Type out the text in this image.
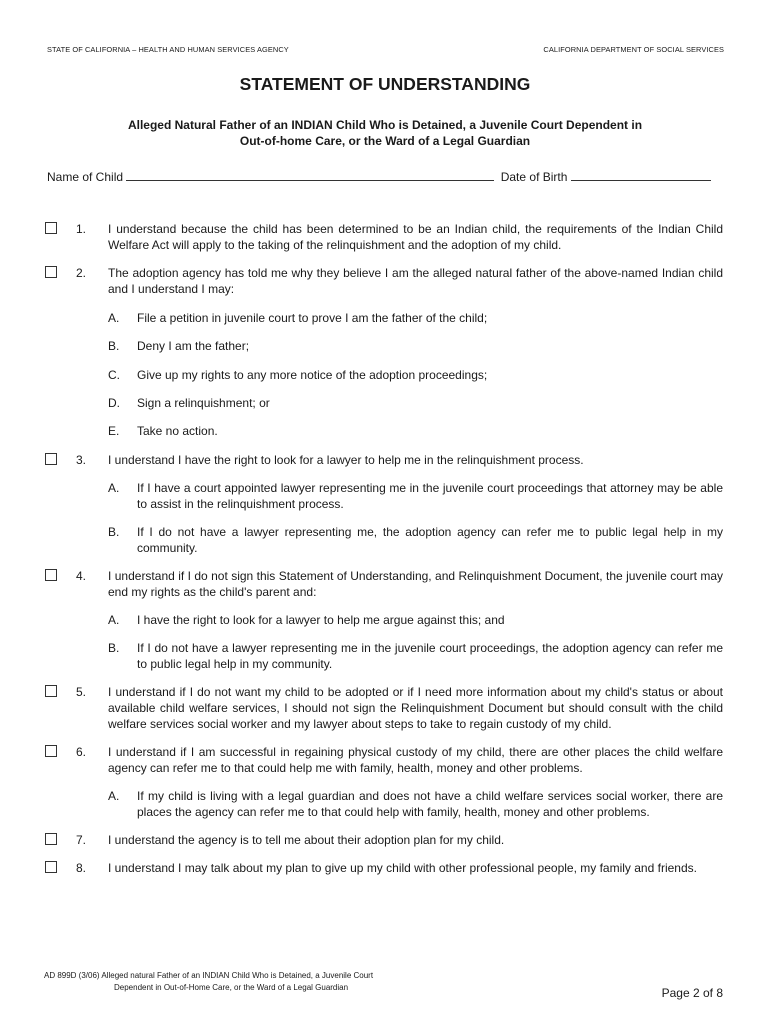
STATE OF CALIFORNIA – HEALTH AND HUMAN SERVICES AGENCY	CALIFORNIA DEPARTMENT OF SOCIAL SERVICES
STATEMENT OF UNDERSTANDING
Alleged Natural Father of an INDIAN Child Who is Detained, a Juvenile Court Dependent in
Out-of-home Care, or the Ward of a Legal Guardian
Name of Child	Date of Birth
1. I understand because the child has been determined to be an Indian child, the requirements of the Indian Child Welfare Act will apply to the taking of the relinquishment and the adoption of my child.
2. The adoption agency has told me why they believe I am the alleged natural father of the above-named Indian child and I understand I may:
A. File a petition in juvenile court to prove I am the father of the child;
B. Deny I am the father;
C. Give up my rights to any more notice of the adoption proceedings;
D. Sign a relinquishment; or
E. Take no action.
3. I understand I have the right to look for a lawyer to help me in the relinquishment process.
A. If I have a court appointed lawyer representing me in the juvenile court proceedings that attorney may be able to assist in the relinquishment process.
B. If I do not have a lawyer representing me, the adoption agency can refer me to public legal help in my community.
4. I understand if I do not sign this Statement of Understanding, and Relinquishment Document, the juvenile court may end my rights as the child's parent and:
A. I have the right to look for a lawyer to help me argue against this; and
B. If I do not have a lawyer representing me in the juvenile court proceedings, the adoption agency can refer me to public legal help in my community.
5. I understand if I do not want my child to be adopted or if I need more information about my child's status or about available child welfare services, I should not sign the Relinquishment Document but should consult with the child welfare services social worker and my lawyer about steps to take to regain custody of my child.
6. I understand if I am successful in regaining physical custody of my child, there are other places the child welfare agency can refer me to that could help me with family, health, money and other problems.
A. If my child is living with a legal guardian and does not have a child welfare services social worker, there are places the agency can refer me to that could help with family, health, money and other problems.
7. I understand the agency is to tell me about their adoption plan for my child.
8. I understand I may talk about my plan to give up my child with other professional people, my family and friends.
AD 899D (3/06) Alleged natural Father of an INDIAN Child Who is Detained, a Juvenile Court
Dependent in Out-of-Home Care, or the Ward of a Legal Guardian	Page 2 of 8
